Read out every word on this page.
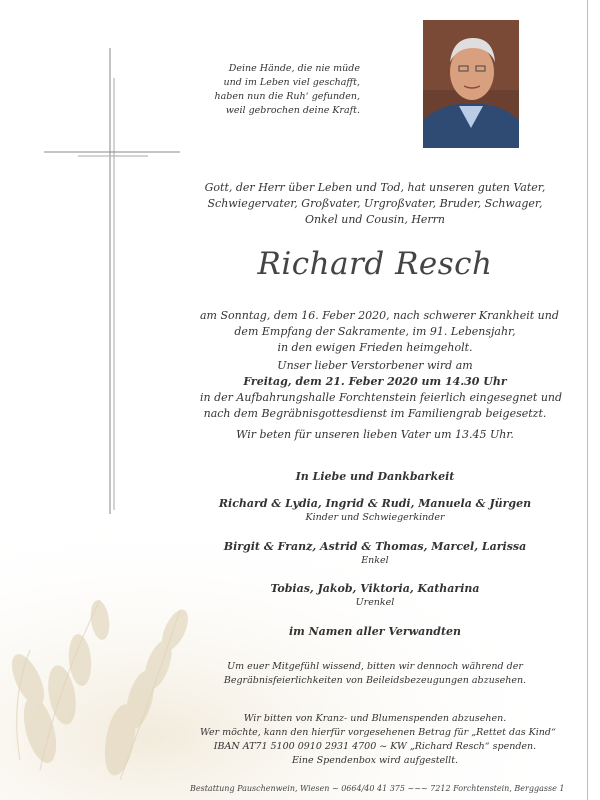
Deine Hände, die nie müde
und im Leben viel geschafft,
haben nun die Ruh‘ gefunden,
weil gebrochen deine Kraft.
Gott, der Herr über Leben und Tod, hat unseren guten Vater,
Schwiegervater, Großvater, Urgroßvater, Bruder, Schwager,
Onkel und Cousin, Herrn
Richard Resch
am Sonntag, dem 16. Feber 2020, nach schwerer Krankheit und
dem Empfang der Sakramente, im 91. Lebensjahr,
in den ewigen Frieden heimgeholt.
Unser lieber Verstorbener wird am
Freitag, dem 21. Feber 2020 um 14.30 Uhr
in der Aufbahrungshalle Forchtenstein feierlich eingesegnet und
nach dem Begräbnisgottesdienst im Familiengrab beigesetzt.
Wir beten für unseren lieben Vater um 13.45 Uhr.
In Liebe und Dankbarkeit
Richard & Lydia, Ingrid & Rudi, Manuela & Jürgen
Kinder und Schwiegerkinder
Birgit & Franz, Astrid & Thomas, Marcel, Larissa
Enkel
Tobias, Jakob, Viktoria, Katharina
Urenkel
im Namen aller Verwandten
Um euer Mitgefühl wissend, bitten wir dennoch während der
Begräbnisfeierlichkeiten von Beileidsbezeugungen abzusehen.
Wir bitten von Kranz- und Blumenspenden abzusehen.
Wer möchte, kann den hierfür vorgesehenen Betrag für „Rettet das Kind“
IBAN AT71 5100 0910 2931 4700 ~ KW „Richard Resch“ spenden.
Eine Spendenbox wird aufgestellt.
Bestattung Pauschenwein, Wiesen ~ 0664/40 41 375 ~~~ 7212 Forchtenstein, Berggasse 1
